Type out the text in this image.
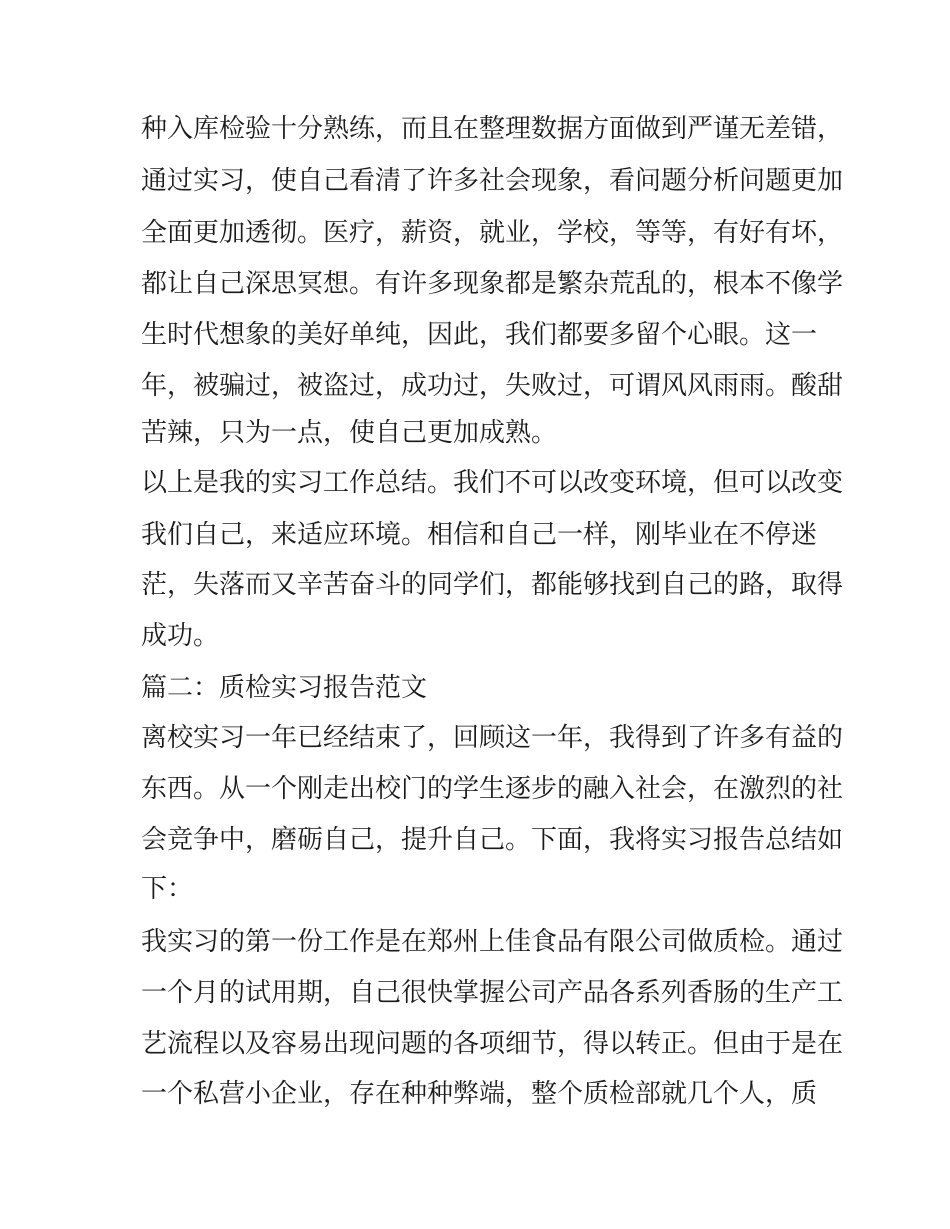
种入库检验十分熟练，而且在整理数据方面做到严谨无差错，

通过实习，使自己看清了许多社会现象，看问题分析问题更加

全面更加透彻。医疗，薪资，就业，学校，等等，有好有坏，

都让自己深思冥想。有许多现象都是繁杂荒乱的，根本不像学

生时代想象的美好单纯，因此，我们都要多留个心眼。这一

年，被骗过，被盗过，成功过，失败过，可谓风风雨雨。酸甜

苦辣，只为一点，使自己更加成熟。

以上是我的实习工作总结。我们不可以改变环境，但可以改变

我们自己，来适应环境。相信和自己一样，刚毕业在不停迷

茫，失落而又辛苦奋斗的同学们，都能够找到自己的路，取得

成功。

篇二：质检实习报告范文

离校实习一年已经结束了，回顾这一年，我得到了许多有益的

东西。从一个刚走出校门的学生逐步的融入社会，在激烈的社

会竞争中，磨砺自己，提升自己。下面，我将实习报告总结如

下：

我实习的第一份工作是在郑州上佳食品有限公司做质检。通过

一个月的试用期，自己很快掌握公司产品各系列香肠的生产工

艺流程以及容易出现问题的各项细节，得以转正。但由于是在

一个私营小企业，存在种种弊端，整个质检部就几个人，质
